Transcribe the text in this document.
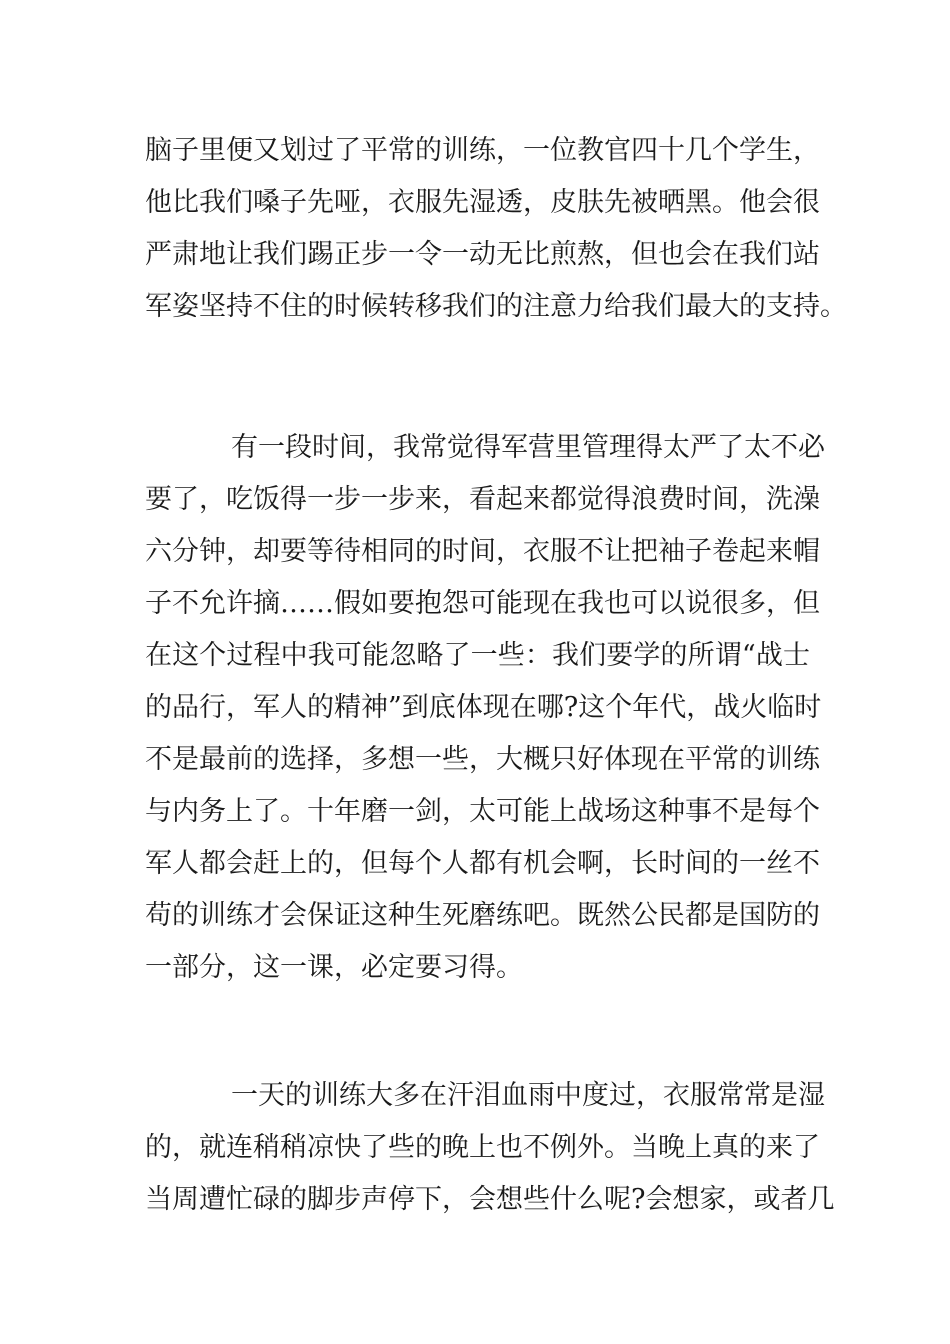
脑子里便又划过了平常的训练，一位教官四十几个学生，
他比我们嗓子先哑，衣服先湿透，皮肤先被晒黑。他会很
严肃地让我们踢正步一令一动无比煎熬，但也会在我们站
军姿坚持不住的时候转移我们的注意力给我们最大的支持。
有一段时间，我常觉得军营里管理得太严了太不必
要了，吃饭得一步一步来，看起来都觉得浪费时间，洗澡
六分钟，却要等待相同的时间，衣服不让把袖子卷起来帽
子不允许摘……假如要抱怨可能现在我也可以说很多，但
在这个过程中我可能忽略了一些：我们要学的所谓“战士
的品行，军人的精神”到底体现在哪?这个年代，战火临时
不是最前的选择，多想一些，大概只好体现在平常的训练
与内务上了。十年磨一剑，太可能上战场这种事不是每个
军人都会赶上的，但每个人都有机会啊，长时间的一丝不
苟的训练才会保证这种生死磨练吧。既然公民都是国防的
一部分，这一课，必定要习得。
一天的训练大多在汗泪血雨中度过，衣服常常是湿
的，就连稍稍凉快了些的晚上也不例外。当晚上真的来了
当周遭忙碌的脚步声停下，会想些什么呢?会想家，或者几
